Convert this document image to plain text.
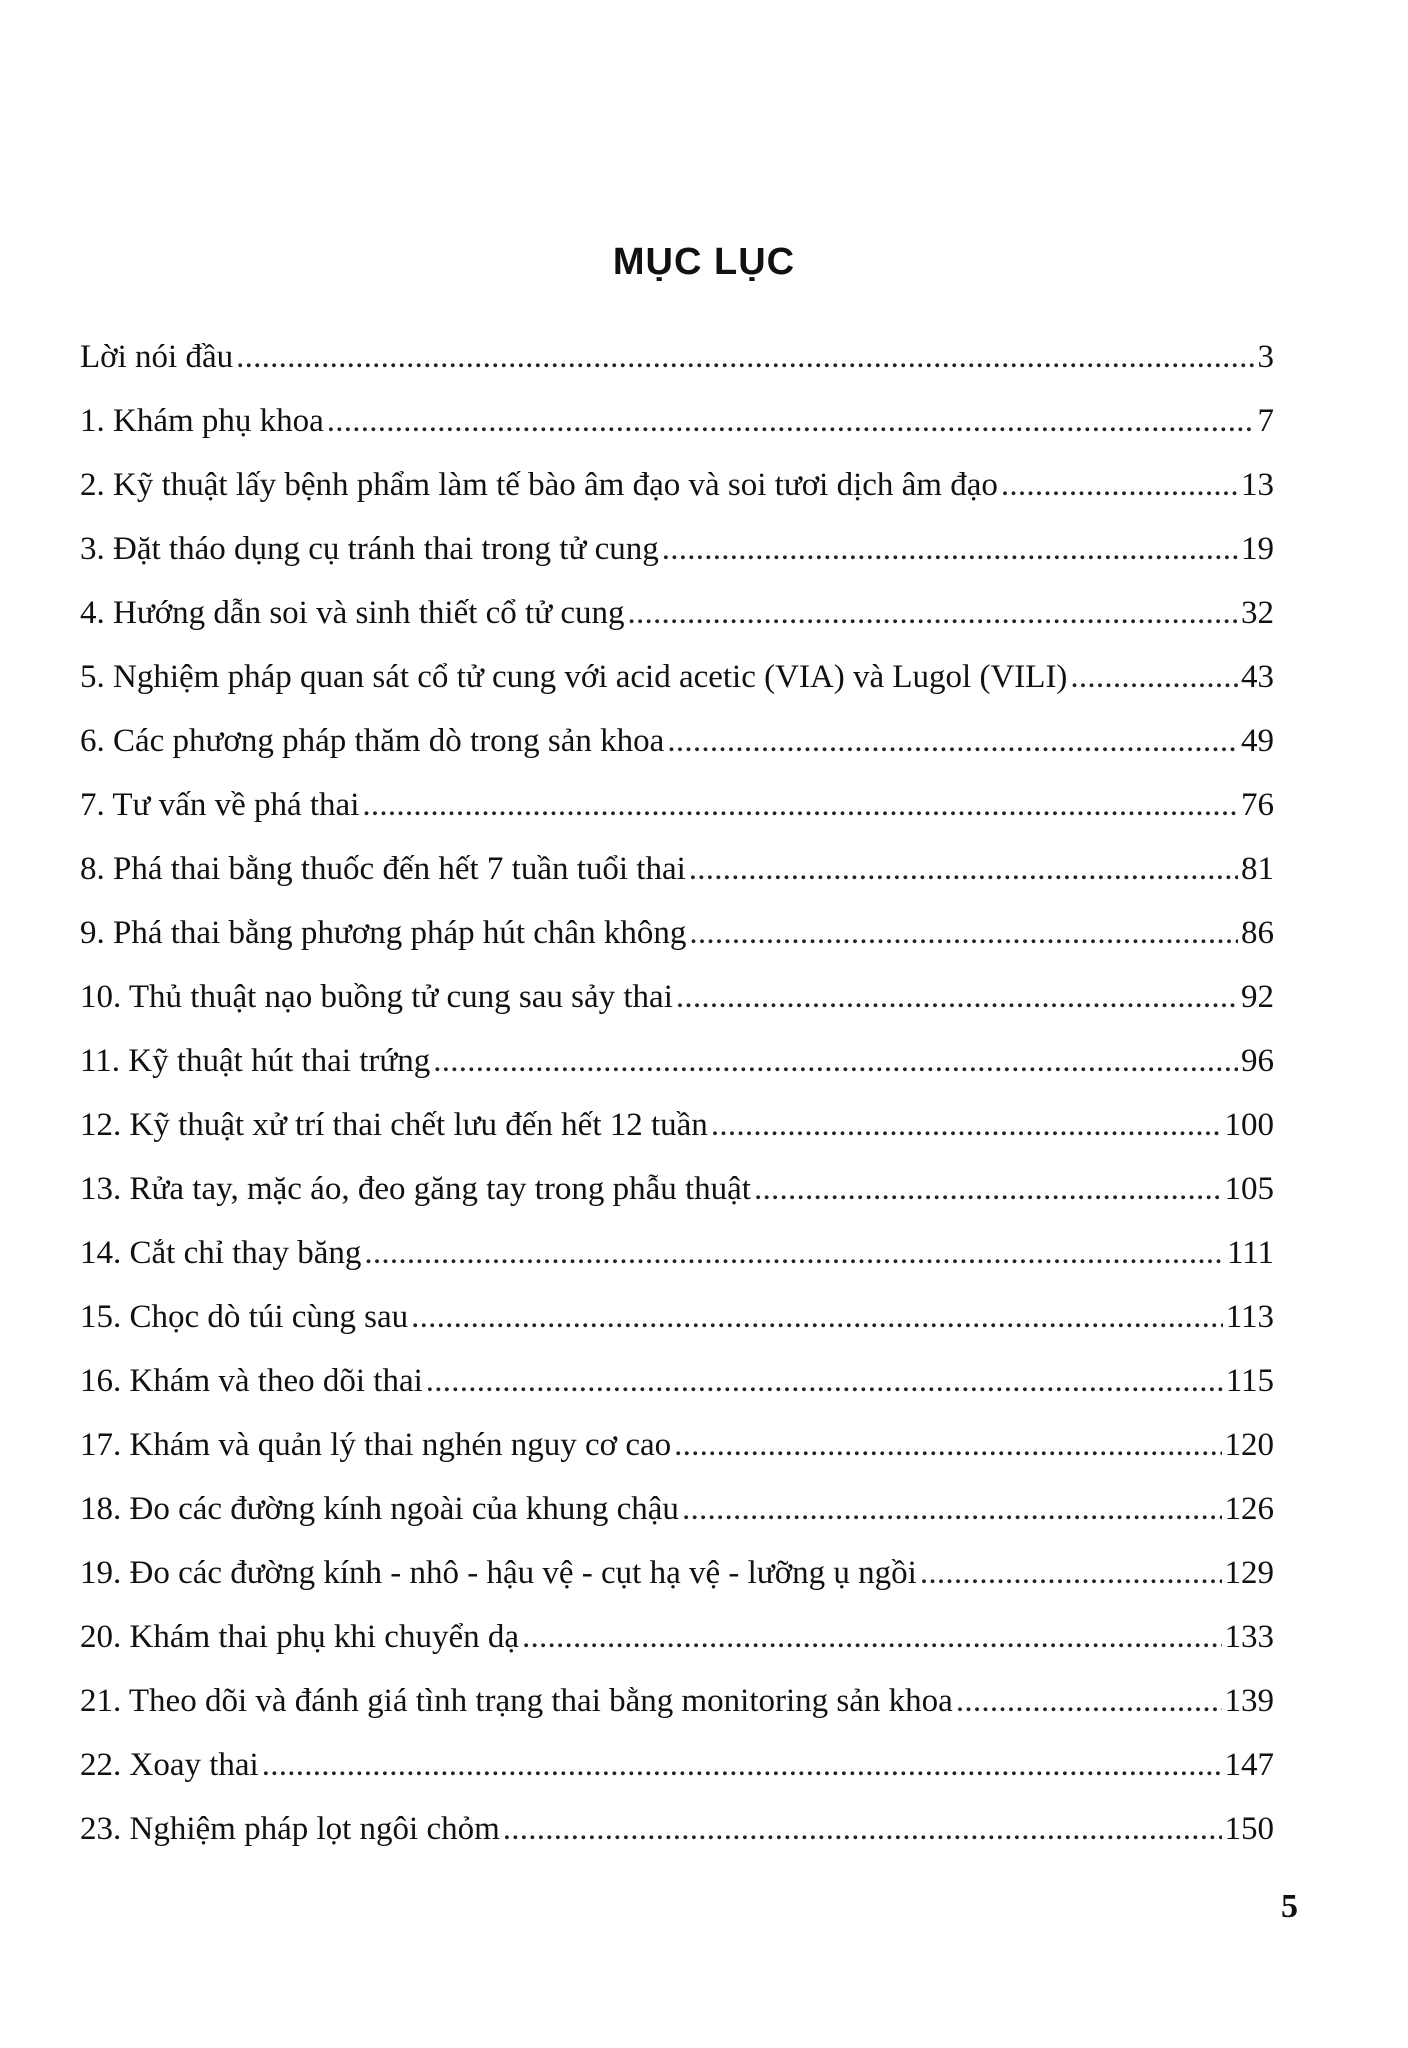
MỤC LỤC
Lời nói đầu . . .	3
1. Khám phụ khoa . . .	7
2. Kỹ thuật lấy bệnh phẩm làm tế bào âm đạo và soi tươi dịch âm đạo . . .	13
3. Đặt tháo dụng cụ tránh thai trong tử cung . . .	19
4. Hướng dẫn soi và sinh thiết cổ tử cung . . .	32
5. Nghiệm pháp quan sát cổ tử cung với acid acetic (VIA) và Lugol (VILI) . . .	43
6. Các phương pháp thăm dò trong sản khoa . . .	49
7. Tư vấn về phá thai . . .	76
8. Phá thai bằng thuốc đến hết 7 tuần tuổi thai . . .	81
9. Phá thai bằng phương pháp hút chân không . . .	86
10. Thủ thuật nạo buồng tử cung sau sảy thai . . .	92
11. Kỹ thuật hút thai trứng . . .	96
12. Kỹ thuật xử trí thai chết lưu đến hết 12 tuần . . .	100
13. Rửa tay, mặc áo, đeo găng tay trong phẫu thuật . . .	105
14. Cắt chỉ thay băng . . .	111
15. Chọc dò túi cùng sau . . .	113
16. Khám và theo dõi thai . . .	115
17. Khám và quản lý thai nghén nguy cơ cao . . .	120
18. Đo các đường kính ngoài của khung chậu . . .	126
19. Đo các đường kính - nhô - hậu vệ - cụt hạ vệ - lưỡng ụ ngồi . . .	129
20. Khám thai phụ khi chuyển dạ . . .	133
21. Theo dõi và đánh giá tình trạng thai bằng monitoring sản khoa . . .	139
22. Xoay thai . . .	147
23. Nghiệm pháp lọt ngôi chỏm . . .	150
5
